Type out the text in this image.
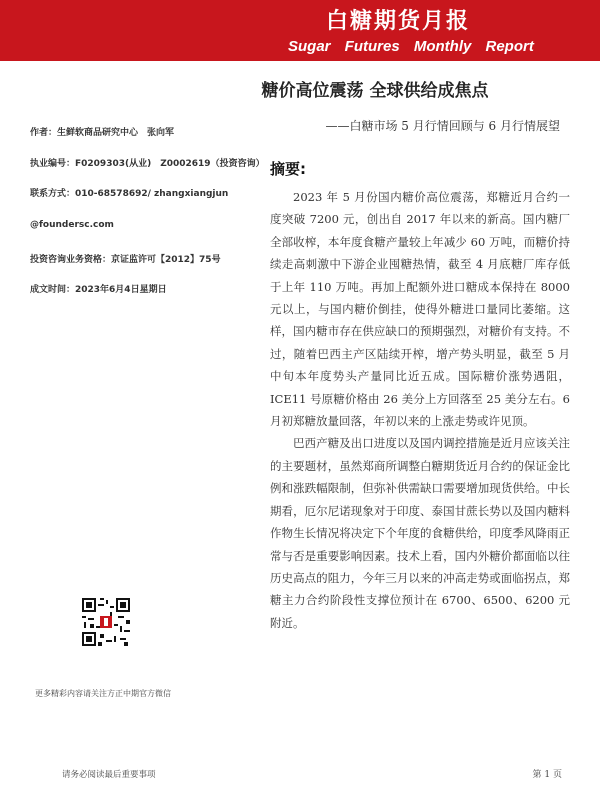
白糖期货月报
Sugar Futures Monthly Report
糖价高位震荡 全球供给成焦点
——白糖市场 5 月行情回顾与 6 月行情展望
作者：生鲜软商品研究中心　张向军
执业编号：F0209303(从业)　Z0002619（投资咨询）
联系方式：010-68578692/ zhangxiangjun
@foundersc.com
投资咨询业务资格：京证监许可【2012】75号
成文时间：2023年6月4日星期日
摘要:

2023 年 5 月份国内糖价高位震荡，郑糖近月合约一度突破 7200 元，创出自 2017 年以来的新高。国内糖厂全部收榨，本年度食糖产量较上年减少 60 万吨，而糖价持续走高刺激中下游企业囤糖热情，截至 4 月底糖厂库存低于上年 110 万吨。再加上配额外进口糖成本保持在 8000 元以上，与国内糖价倒挂，使得外糖进口量同比萎缩。这样，国内糖市存在供应缺口的预期强烈，对糖价有支持。不过，随着巴西主产区陆续开榨，增产势头明显，截至 5 月中旬本年度势头产量同比近五成。国际糖价涨势遇阻，ICE11 号原糖价格由 26 美分上方回落至 25 美分左右。6 月初郑糖放量回落，年初以来的上涨走势或许见顶。

巴西产糖及出口进度以及国内调控措施是近月应该关注的主要题材，虽然郑商所调整白糖期货近月合约的保证金比例和涨跌幅限制，但弥补供需缺口需要增加现货供给。中长期看，厄尔尼诺现象对于印度、泰国甘蔗长势以及国内糖料作物生长情况将决定下个年度的食糖供给，印度季风降雨正常与否是重要影响因素。技术上看，国内外糖价都面临以往历史高点的阻力，今年三月以来的冲高走势或面临拐点，郑糖主力合约阶段性支撑位预计在 6700、6500、6200 元附近。

更多精彩内容请关注方正中期官方微信
请务必阅读最后重要事项	第 1 页
